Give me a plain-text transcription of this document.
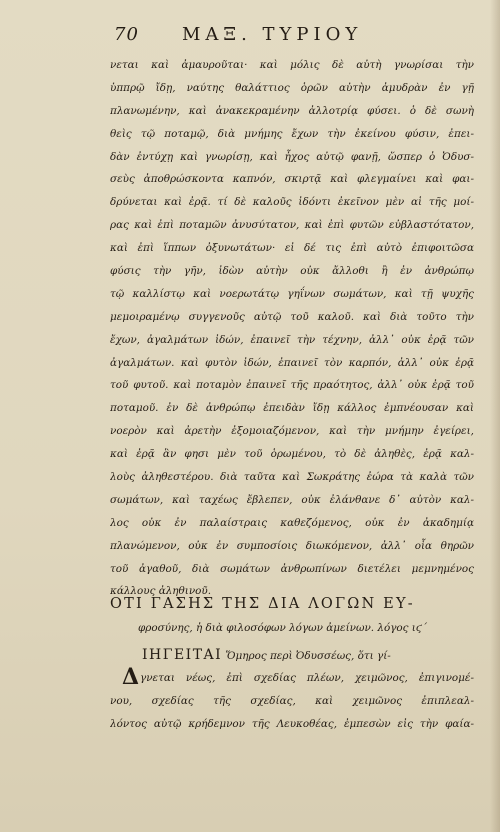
70 ΜΑΞ. ΤΥΡΙΟΥ
νεται καὶ ἀμαυροῦται· καὶ μόλις δὲ αὐτὴ γνωρίσαι τὴν
ὑππρῷ ἴδῃ, ναύτης θαλάττιος ὁρῶν αὐτὴν ἀμυδρὰν ἐν γῇ
πλανωμένην, καὶ ἀνακεκραμένην ἀλλοτρίᾳ φύσει. ὁ δὲ σωνὴ
θεὶς τῷ ποταμῷ, διὰ μνήμης ἔχων τὴν ἐκείνου φύσιν, ἐπει-
δὰν ἐντύχῃ καὶ γνωρίσῃ, καὶ ἦχος αὐτῷ φανῇ, ὥσπερ ὁ Ὀδυσ-
σεὺς ἀποθρώσκοντα καπνόν, σκιρτᾷ καὶ φλεγμαίνει καὶ φαι-
δρύνεται καὶ ἐρᾷ. τί δὲ καλοῦς ἰδόντι ἐκεῖνον μὲν αἱ τῆς μοί-
ρας καὶ ἐπὶ ποταμῶν ἀνυσύτατον, καὶ ἐπὶ φυτῶν εὐβλαστότατον,
καὶ ἐπὶ ἵππων ὀξυνωτάτων· εἰ δέ τις ἐπὶ αὐτὸ ἐπιφοιτῶσα
φύσις τὴν γῆν, ἰδὼν αὐτὴν οὐκ ἄλλοθι ἢ ἐν ἀνθρώπῳ
τῷ καλλίστῳ καὶ νοερωτάτῳ γηΐνων σωμάτων, καὶ τῇ ψυχῆς
μεμοιραμένῳ συγγενοῦς αὐτῷ τοῦ καλοῦ. καὶ διὰ τοῦτο τὴν
ἔχων, ἀγαλμάτων ἰδών, ἐπαινεῖ τὴν τέχνην, ἀλλ᾽ οὐκ ἐρᾷ τῶν
ἀγαλμάτων. καὶ φυτὸν ἰδών, ἐπαινεῖ τὸν καρπόν, ἀλλ᾽ οὐκ ἐρᾷ
τοῦ φυτοῦ. καὶ ποταμὸν ἐπαινεῖ τῆς πραότητος, ἀλλ᾽ οὐκ ἐρᾷ τοῦ
ποταμοῦ. ἐν δὲ ἀνθρώπῳ ἐπειδὰν ἴδῃ κάλλος ἐμπνέουσαν καὶ
νοερὸν καὶ ἀρετὴν ἐξομοιαζόμενον, καὶ τὴν μνήμην ἐγείρει,
καὶ ἐρᾷ ἃν φησι μὲν τοῦ ὁρωμένου, τὸ δὲ ἀληθὲς, ἐρᾷ καλ-
λοὺς ἀληθεστέρου. διὰ ταῦτα καὶ Σωκράτης ἐώρα τὰ καλὰ τῶν
σωμάτων, καὶ ταχέως ἔβλεπεν, οὐκ ἐλάνθανε δ᾽ αὐτὸν καλ-
λος οὐκ ἐν παλαίστραις καθεζόμενος, οὐκ ἐν ἀκαδημίᾳ
πλανώμενον, οὐκ ἐν συμποσίοις διωκόμενον, ἀλλ᾽ οἷα θηρῶν
τοῦ ἀγαθοῦ, διὰ σωμάτων ἀνθρωπίνων διετέλει μεμνημένος
κάλλους ἀληθινοῦ.
ΟΤΙ ΓΑΣΗΣ ΤΗΣ ΔΙΑ ΛΟΓΩΝ ΕΥ-
φροσύνης, ἡ διὰ φιλοσόφων λόγων ἀμείνων. λόγος ιϛ´
Δ
ΙΗΓΕΙΤΑΙ Ὅμηρος περὶ Ὀδυσσέως, ὅτι γί-
γνεται νέως, ἐπὶ σχεδίας πλέων, χειμῶνος, ἐπιγινομέ-
νου, σχεδίας τῆς σχεδίας, καὶ χειμῶνος ἐπιπλεαλ-
λόντος αὐτῷ κρήδεμνον τῆς Λευκοθέας, ἐμπεσὼν εἰς τὴν φαία-
